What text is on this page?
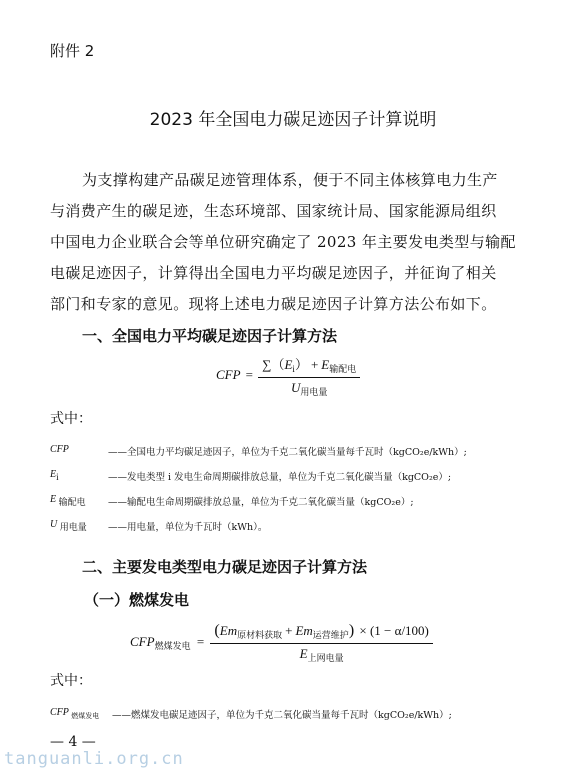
附件 2
2023 年全国电力碳足迹因子计算说明
为支撑构建产品碳足迹管理体系，便于不同主体核算电力生产
与消费产生的碳足迹，生态环境部、国家统计局、国家能源局组织
中国电力企业联合会等单位研究确定了 2023 年主要发电类型与输配
电碳足迹因子，计算得出全国电力平均碳足迹因子，并征询了相关
部门和专家的意见。现将上述电力碳足迹因子计算方法公布如下。
一、全国电力平均碳足迹因子计算方法
CFP = $\frac{\sum(E_i) + E_{输配电}}{U_{用电量}}$
式中：
CFP	——全国电力平均碳足迹因子，单位为千克二氧化碳当量每千瓦时（kgCO₂e/kWh）;
Ei	——发电类型 i 发电生命周期碳排放总量，单位为千克二氧化碳当量（kgCO₂e）;
E 输配电 ——输配电生命周期碳排放总量，单位为千克二氧化碳当量（kgCO₂e）;
U 用电量 ——用电量，单位为千瓦时（kWh）。
二、主要发电类型电力碳足迹因子计算方法
（一）燃煤发电
$CFP_{燃煤发电} = \frac{(Em_{原材料获取} + Em_{运营维护}) \times (1 - \alpha/100)}{E_{上网电量}}$
式中：
CFP $_{燃煤发电}$ ——燃煤发电碳足迹因子，单位为千克二氧化碳当量每千瓦时（kgCO₂e/kWh）;
— 4 —
tanguanli.org.cn
